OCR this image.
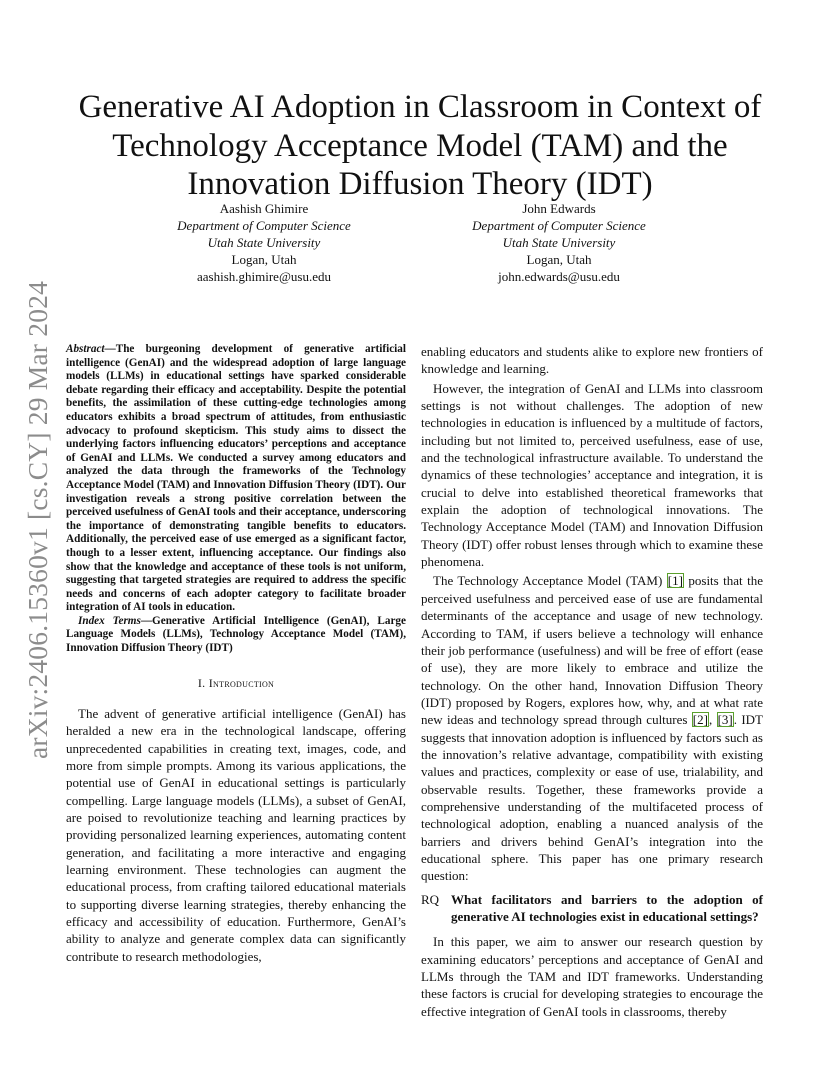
arXiv:2406.15360v1 [cs.CY] 29 Mar 2024
Generative AI Adoption in Classroom in Context of Technology Acceptance Model (TAM) and the Innovation Diffusion Theory (IDT)
Aashish Ghimire
Department of Computer Science
Utah State University
Logan, Utah
aashish.ghimire@usu.edu
John Edwards
Department of Computer Science
Utah State University
Logan, Utah
john.edwards@usu.edu
Abstract—The burgeoning development of generative artificial intelligence (GenAI) and the widespread adoption of large language models (LLMs) in educational settings have sparked considerable debate regarding their efficacy and acceptability. Despite the potential benefits, the assimilation of these cutting-edge technologies among educators exhibits a broad spectrum of attitudes, from enthusiastic advocacy to profound skepticism. This study aims to dissect the underlying factors influencing educators’ perceptions and acceptance of GenAI and LLMs. We conducted a survey among educators and analyzed the data through the frameworks of the Technology Acceptance Model (TAM) and Innovation Diffusion Theory (IDT). Our investigation reveals a strong positive correlation between the perceived usefulness of GenAI tools and their acceptance, underscoring the importance of demonstrating tangible benefits to educators. Additionally, the perceived ease of use emerged as a significant factor, though to a lesser extent, influencing acceptance. Our findings also show that the knowledge and acceptance of these tools is not uniform, suggesting that targeted strategies are required to address the specific needs and concerns of each adopter category to facilitate broader integration of AI tools in education.
Index Terms—Generative Artificial Intelligence (GenAI), Large Language Models (LLMs), Technology Acceptance Model (TAM), Innovation Diffusion Theory (IDT)
I. Introduction

The advent of generative artificial intelligence (GenAI) has heralded a new era in the technological landscape, offering unprecedented capabilities in creating text, images, code, and more from simple prompts. Among its various applications, the potential use of GenAI in educational settings is particularly compelling. Large language models (LLMs), a subset of GenAI, are poised to revolutionize teaching and learning practices by providing personalized learning experiences, automating content generation, and facilitating a more interactive and engaging learning environment. These technologies can augment the educational process, from crafting tailored educational materials to supporting diverse learning strategies, thereby enhancing the efficacy and accessibility of education. Furthermore, GenAI’s ability to analyze and generate complex data can significantly contribute to research methodologies,

enabling educators and students alike to explore new frontiers of knowledge and learning.

However, the integration of GenAI and LLMs into classroom settings is not without challenges. The adoption of new technologies in education is influenced by a multitude of factors, including but not limited to, perceived usefulness, ease of use, and the technological infrastructure available. To understand the dynamics of these technologies’ acceptance and integration, it is crucial to delve into established theoretical frameworks that explain the adoption of technological innovations. The Technology Acceptance Model (TAM) and Innovation Diffusion Theory (IDT) offer robust lenses through which to examine these phenomena.

The Technology Acceptance Model (TAM) [1] posits that the perceived usefulness and perceived ease of use are fundamental determinants of the acceptance and usage of new technology. According to TAM, if users believe a technology will enhance their job performance (usefulness) and will be free of effort (ease of use), they are more likely to embrace and utilize the technology. On the other hand, Innovation Diffusion Theory (IDT) proposed by Rogers, explores how, why, and at what rate new ideas and technology spread through cultures [2], [3]. IDT suggests that innovation adoption is influenced by factors such as the innovation’s relative advantage, compatibility with existing values and practices, complexity or ease of use, trialability, and observable results. Together, these frameworks provide a comprehensive understanding of the multifaceted process of technological adoption, enabling a nuanced analysis of the barriers and drivers behind GenAI’s integration into the educational sphere. This paper has one primary research question:

RQ What facilitators and barriers to the adoption of generative AI technologies exist in educational settings?

In this paper, we aim to answer our research question by examining educators’ perceptions and acceptance of GenAI and LLMs through the TAM and IDT frameworks. Understanding these factors is crucial for developing strategies to encourage the effective integration of GenAI tools in classrooms, thereby
